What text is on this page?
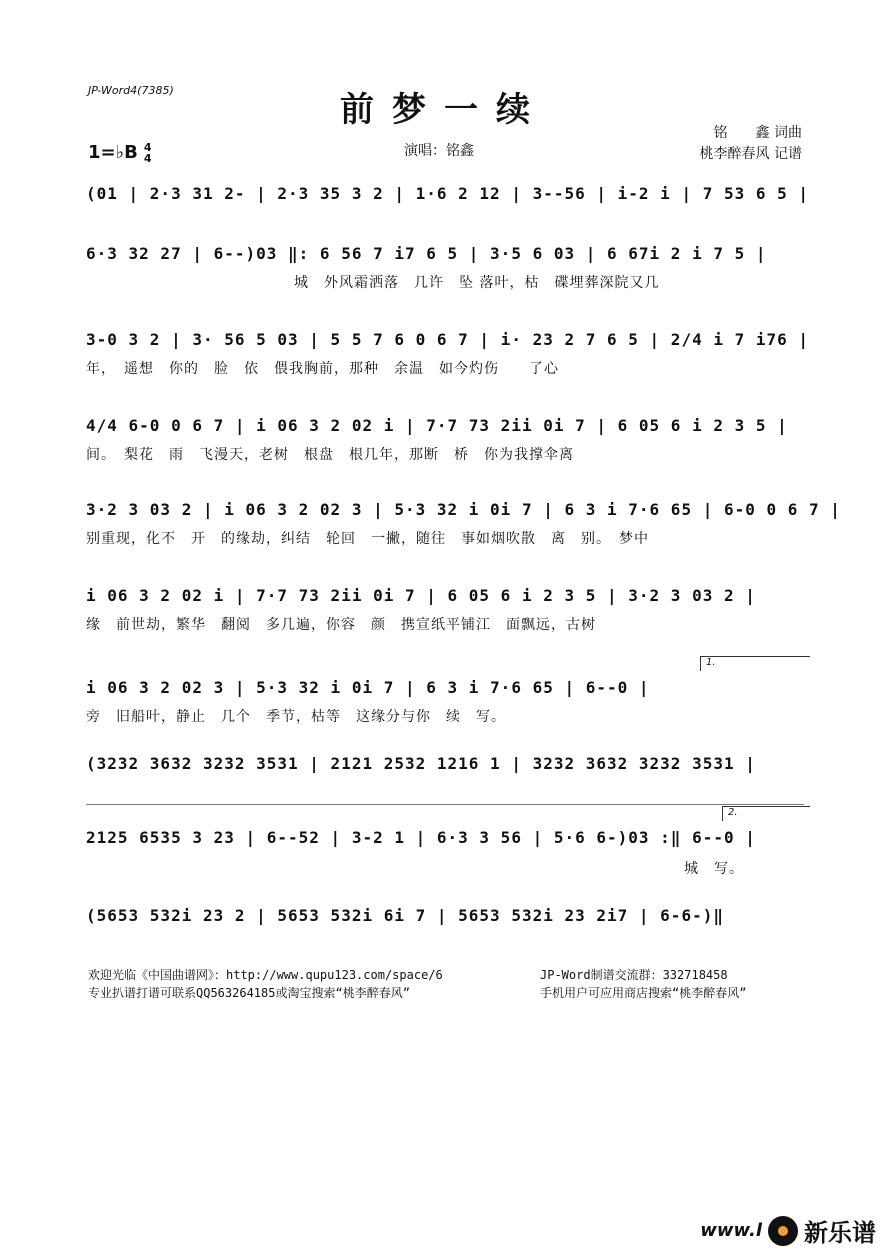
JP-Word4(7385)	前梦一续
铭　　鑫 词曲
桃李醉春风 记谱
演唱：铭鑫
1=♭B 4
4
(01 | 2·3 31 2- | 2·3 35 3 2 | 1·6 2 12 | 3--56 | i-2 i | 7 53 6 5 |
6·3 32 27 | 6--)03 ‖: 6 56 7 i7 6 5 | 3·5 6 03 | 6 67i 2 i 7 5 |
城　外风霜洒落　几许　坠 落叶，枯　碟埋葬深院又几
3-0 3 2 | 3· 56 5 03 | 5 5 7 6 0 6 7 | i· 23 2 7 6 5 | 2/4 i 7 i76 |
年，　遥想　你的　脸　依　偎我胸前，那种　余温　如今灼伤　　了心
4/4 6-0 0 6 7 | i 06 3 2 02 i | 7·7 73 2ii 0i 7 | 6 05 6 i 2 3 5 |
间。　梨花　雨　飞漫天，老树　根盘　根几年，那断　桥　你为我撑伞离
3·2 3 03 2 | i 06 3 2 02 3 | 5·3 32 i 0i 7 | 6 3 i 7·6 65 | 6-0 0 6 7 |
别重现，化不　开　的缘劫，纠结　轮回　一撇，随往　事如烟吹散　离　别。　梦中
i 06 3 2 02 i | 7·7 73 2ii 0i 7 | 6 05 6 i 2 3 5 | 3·2 3 03 2 |
缘　前世劫，繁华　翻阅　多几遍，你容　颜　携宣纸平铺江　面飘远，古树
1.
i 06 3 2 02 3 | 5·3 32 i 0i 7 | 6 3 i 7·6 65 | 6--0 |
旁　旧船叶，静止　几个　季节，枯等　这缘分与你　续　写。
(3232 3632 3232 3531 | 2121 2532 1216 1 | 3232 3632 3232 3531 |
2.
2125 6535 3 23 | 6--52 | 3-2 1 | 6·3 3 56 | 5·6 6-)03 :‖ 6--0 |
城　写。
(5653 532i 23 2 | 5653 532i 6i 7 | 5653 532i 23 2i7 | 6-6-)‖
欢迎光临《中国曲谱网》：http://www.qupu123.com/space/6
专业扒谱打谱可联系QQ563264185或淘宝搜索“桃李醉春风”
JP-Word制谱交流群：332718458
手机用户可应用商店搜索“桃李醉春风”
www.l 新乐谱
